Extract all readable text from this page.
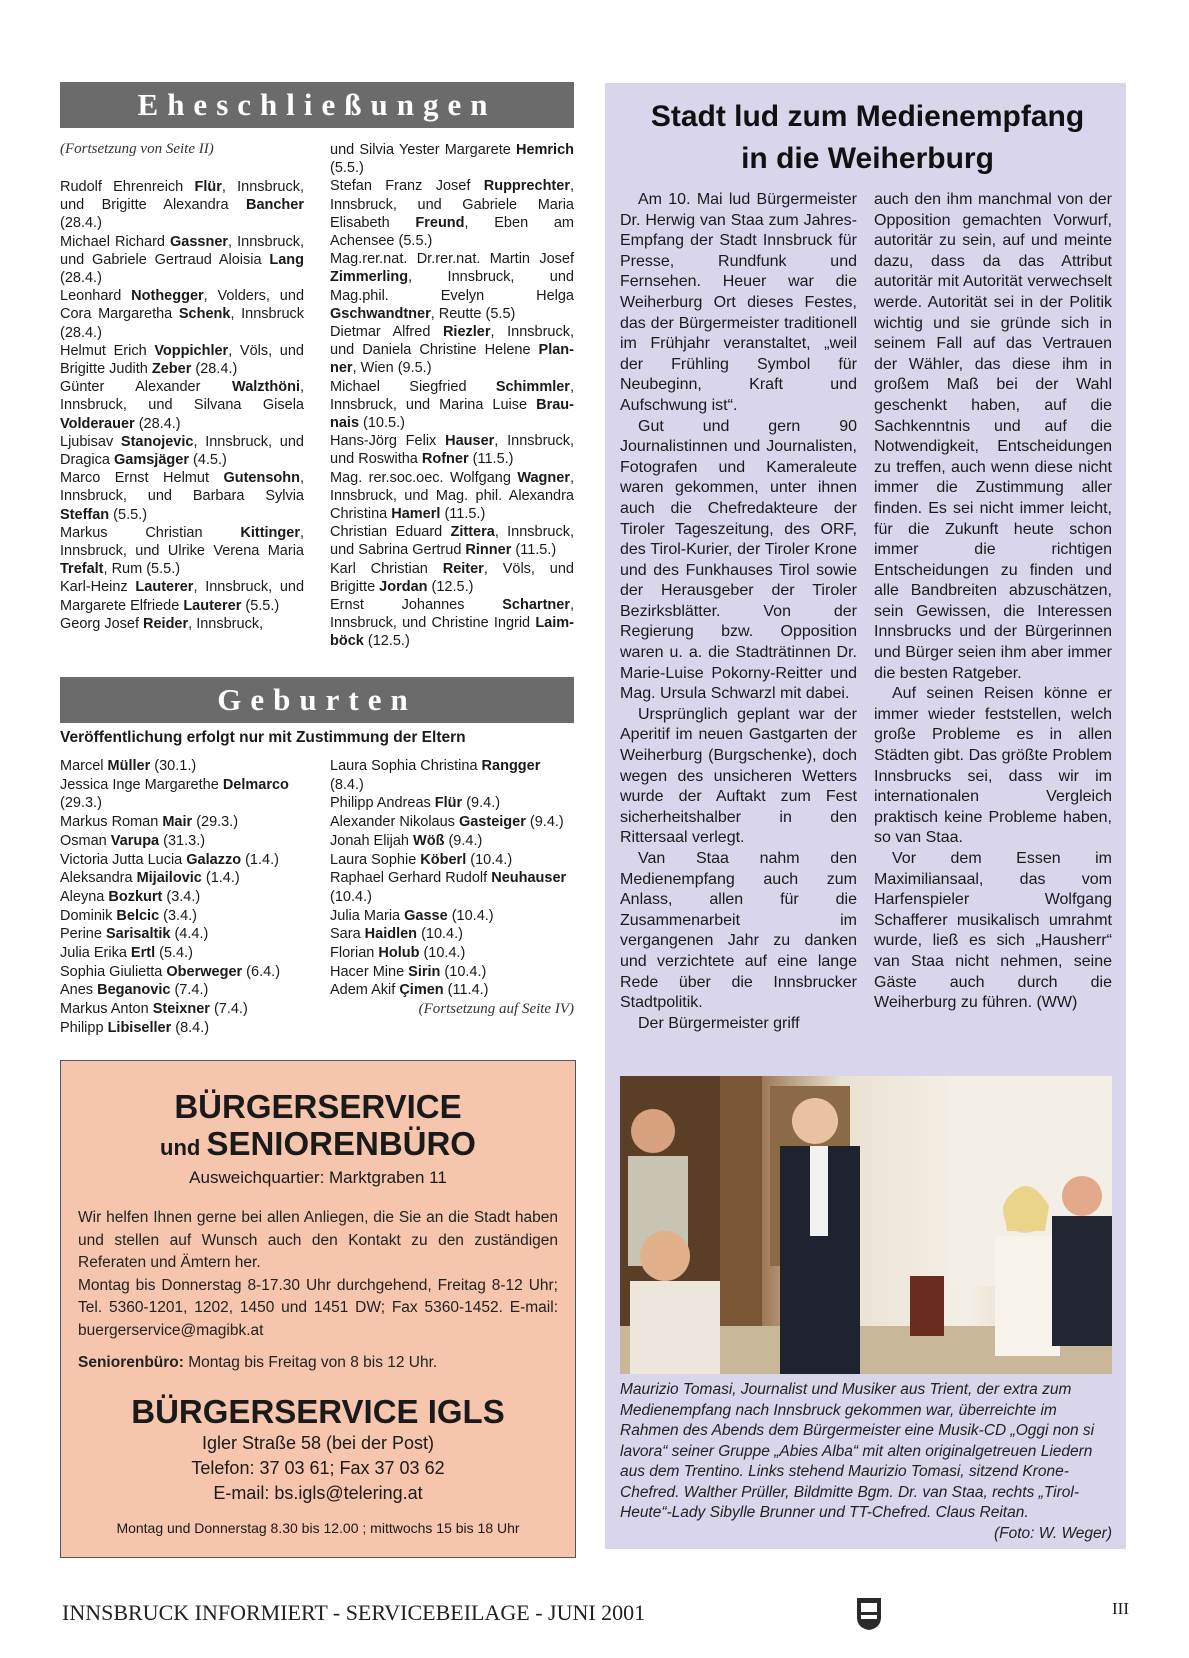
Eheschließungen
(Fortsetzung von Seite II)
Rudolf Ehrenreich Flür, Innsbruck, und Brigitte Alexandra Bancher (28.4.)
Michael Richard Gassner, Innsbruck, und Gabriele Gertraud Aloisia Lang (28.4.)
Leonhard Nothegger, Volders, und Cora Margaretha Schenk, Innsbruck (28.4.)
Helmut Erich Voppichler, Völs, und Brigitte Judith Zeber (28.4.)
Günter Alexander Walzthöni, Innsbruck, und Silvana Gisela Volderauer (28.4.)
Ljubisav Stanojevic, Innsbruck, und Dragica Gamsjäger (4.5.)
Marco Ernst Helmut Gutensohn, Innsbruck, und Barbara Sylvia Steffan (5.5.)
Markus Christian Kittinger, Innsbruck, und Ulrike Verena Maria Trefalt, Rum (5.5.)
Karl-Heinz Lauterer, Innsbruck, und Margarete Elfriede Lauterer (5.5.)
Georg Josef Reider, Innsbruck,
und Silvia Yester Margarete Hemrich (5.5.)
Stefan Franz Josef Rupprechter, Innsbruck, und Gabriele Maria Elisabeth Freund, Eben am Achensee (5.5.)
Mag.rer.nat. Dr.rer.nat. Martin Josef Zimmerling, Innsbruck, und Mag.phil. Evelyn Helga Gschwandtner, Reutte (5.5)
Dietmar Alfred Riezler, Innsbruck, und Daniela Christine Helene Planner, Wien (9.5.)
Michael Siegfried Schimmler, Innsbruck, und Marina Luise Braunais (10.5.)
Hans-Jörg Felix Hauser, Innsbruck, und Roswitha Rofner (11.5.)
Mag. rer.soc.oec. Wolfgang Wagner, Innsbruck, und Mag. phil. Alexandra Christina Hamerl (11.5.)
Christian Eduard Zittera, Innsbruck, und Sabrina Gertrud Rinner (11.5.)
Karl Christian Reiter, Völs, und Brigitte Jordan (12.5.)
Ernst Johannes Schartner, Innsbruck, und Christine Ingrid Laimböck (12.5.)
Geburten
Veröffentlichung erfolgt nur mit Zustimmung der Eltern
Marcel Müller (30.1.)
Jessica Inge Margarethe Delmarco (29.3.)
Markus Roman Mair (29.3.)
Osman Varupa (31.3.)
Victoria Jutta Lucia Galazzo (1.4.)
Aleksandra Mijailovic (1.4.)
Aleyna Bozkurt (3.4.)
Dominik Belcic (3.4.)
Perine Sarisaltik (4.4.)
Julia Erika Ertl (5.4.)
Sophia Giulietta Oberweger (6.4.)
Anes Beganovic (7.4.)
Markus Anton Steixner (7.4.)
Philipp Libiseller (8.4.)
Laura Sophia Christina Rangger (8.4.)
Philipp Andreas Flür (9.4.)
Alexander Nikolaus Gasteiger (9.4.)
Jonah Elijah Wöß (9.4.)
Laura Sophie Köberl (10.4.)
Raphael Gerhard Rudolf Neuhauser (10.4.)
Julia Maria Gasse (10.4.)
Sara Haidlen (10.4.)
Florian Holub (10.4.)
Hacer Mine Sirin (10.4.)
Adem Akif Çimen (11.4.)
(Fortsetzung auf Seite IV)
BÜRGERSERVICE
und SENIORENBÜRO
Ausweichquartier: Marktgraben 11

Wir helfen Ihnen gerne bei allen Anliegen, die Sie an die Stadt haben und stellen auf Wunsch auch den Kontakt zu den zuständigen Referaten und Ämtern her.

Montag bis Donnerstag 8-17.30 Uhr durchgehend, Freitag 8-12 Uhr; Tel. 5360-1201, 1202, 1450 und 1451 DW; Fax 5360-1452. E-mail: buergerservice@magibk.at

Seniorenbüro: Montag bis Freitag von 8 bis 12 Uhr.

BÜRGERSERVICE IGLS
Igler Straße 58 (bei der Post)
Telefon: 37 03 61; Fax 37 03 62
E-mail: bs.igls@telering.at
Montag und Donnerstag 8.30 bis 12.00 ; mittwochs 15 bis 18 Uhr
Stadt lud zum Medienempfang
in die Weiherburg

Am 10. Mai lud Bürgermeister Dr. Herwig van Staa zum Jahres-Empfang der Stadt Innsbruck für Presse, Rundfunk und Fernsehen. Heuer war die Weiherburg Ort dieses Festes, das der Bürgermeister traditionell im Frühjahr veranstaltet, „weil der Frühling Symbol für Neubeginn, Kraft und Aufschwung ist“.

Gut und gern 90 Journalistinnen und Journalisten, Fotografen und Kameraleute waren gekommen, unter ihnen auch die Chefredakteure der Tiroler Tageszeitung, des ORF, des Tirol-Kurier, der Tiroler Krone und des Funkhauses Tirol sowie der Herausgeber der Tiroler Bezirksblätter. Von der Regierung bzw. Opposition waren u. a. die Stadträtinnen Dr. Marie-Luise Pokorny-Reitter und Mag. Ursula Schwarzl mit dabei.

Ursprünglich geplant war der Aperitif im neuen Gastgarten der Weiherburg (Burgschenke), doch wegen des unsicheren Wetters wurde der Auftakt zum Fest sicherheitshalber in den Rittersaal verlegt.

Van Staa nahm den Medienempfang auch zum Anlass, allen für die Zusammenarbeit im vergangenen Jahr zu danken und verzichtete auf eine lange Rede über die Innsbrucker Stadtpolitik.

Der Bürgermeister griff

auch den ihm manchmal von der Opposition gemachten Vorwurf, autoritär zu sein, auf und meinte dazu, dass da das Attribut autoritär mit Autorität verwechselt werde. Autorität sei in der Politik wichtig und sie gründe sich in seinem Fall auf das Vertrauen der Wähler, das diese ihm in großem Maß bei der Wahl geschenkt haben, auf die Sachkenntnis und auf die Notwendigkeit, Entscheidungen zu treffen, auch wenn diese nicht immer die Zustimmung aller finden. Es sei nicht immer leicht, für die Zukunft heute schon immer die richtigen Entscheidungen zu finden und alle Bandbreiten abzuschätzen, sein Gewissen, die Interessen Innsbrucks und der Bürgerinnen und Bürger seien ihm aber immer die besten Ratgeber.

Auf seinen Reisen könne er immer wieder feststellen, welch große Probleme es in allen Städten gibt. Das größte Problem Innsbrucks sei, dass wir im internationalen Vergleich praktisch keine Probleme haben, so van Staa.

Vor dem Essen im Maximiliansaal, das vom Harfenspieler Wolfgang Schafferer musikalisch umrahmt wurde, ließ es sich „Hausherr“ van Staa nicht nehmen, seine Gäste auch durch die Weiherburg zu führen. (WW)

Maurizio Tomasi, Journalist und Musiker aus Trient, der extra zum Medienempfang nach Innsbruck gekommen war, überreichte im Rahmen des Abends dem Bürgermeister eine Musik-CD „Oggi non si lavora“ seiner Gruppe „Abies Alba“ mit alten originalgetreuen Liedern aus dem Trentino. Links stehend Maurizio Tomasi, sitzend Krone-Chefred. Walther Prüller, Bildmitte Bgm. Dr. van Staa, rechts „Tirol-Heute“-Lady Sibylle Brunner und TT-Chefred. Claus Reitan.
(Foto: W. Weger)
INNSBRUCK INFORMIERT - SERVICEBEILAGE - JUNI 2001	III
